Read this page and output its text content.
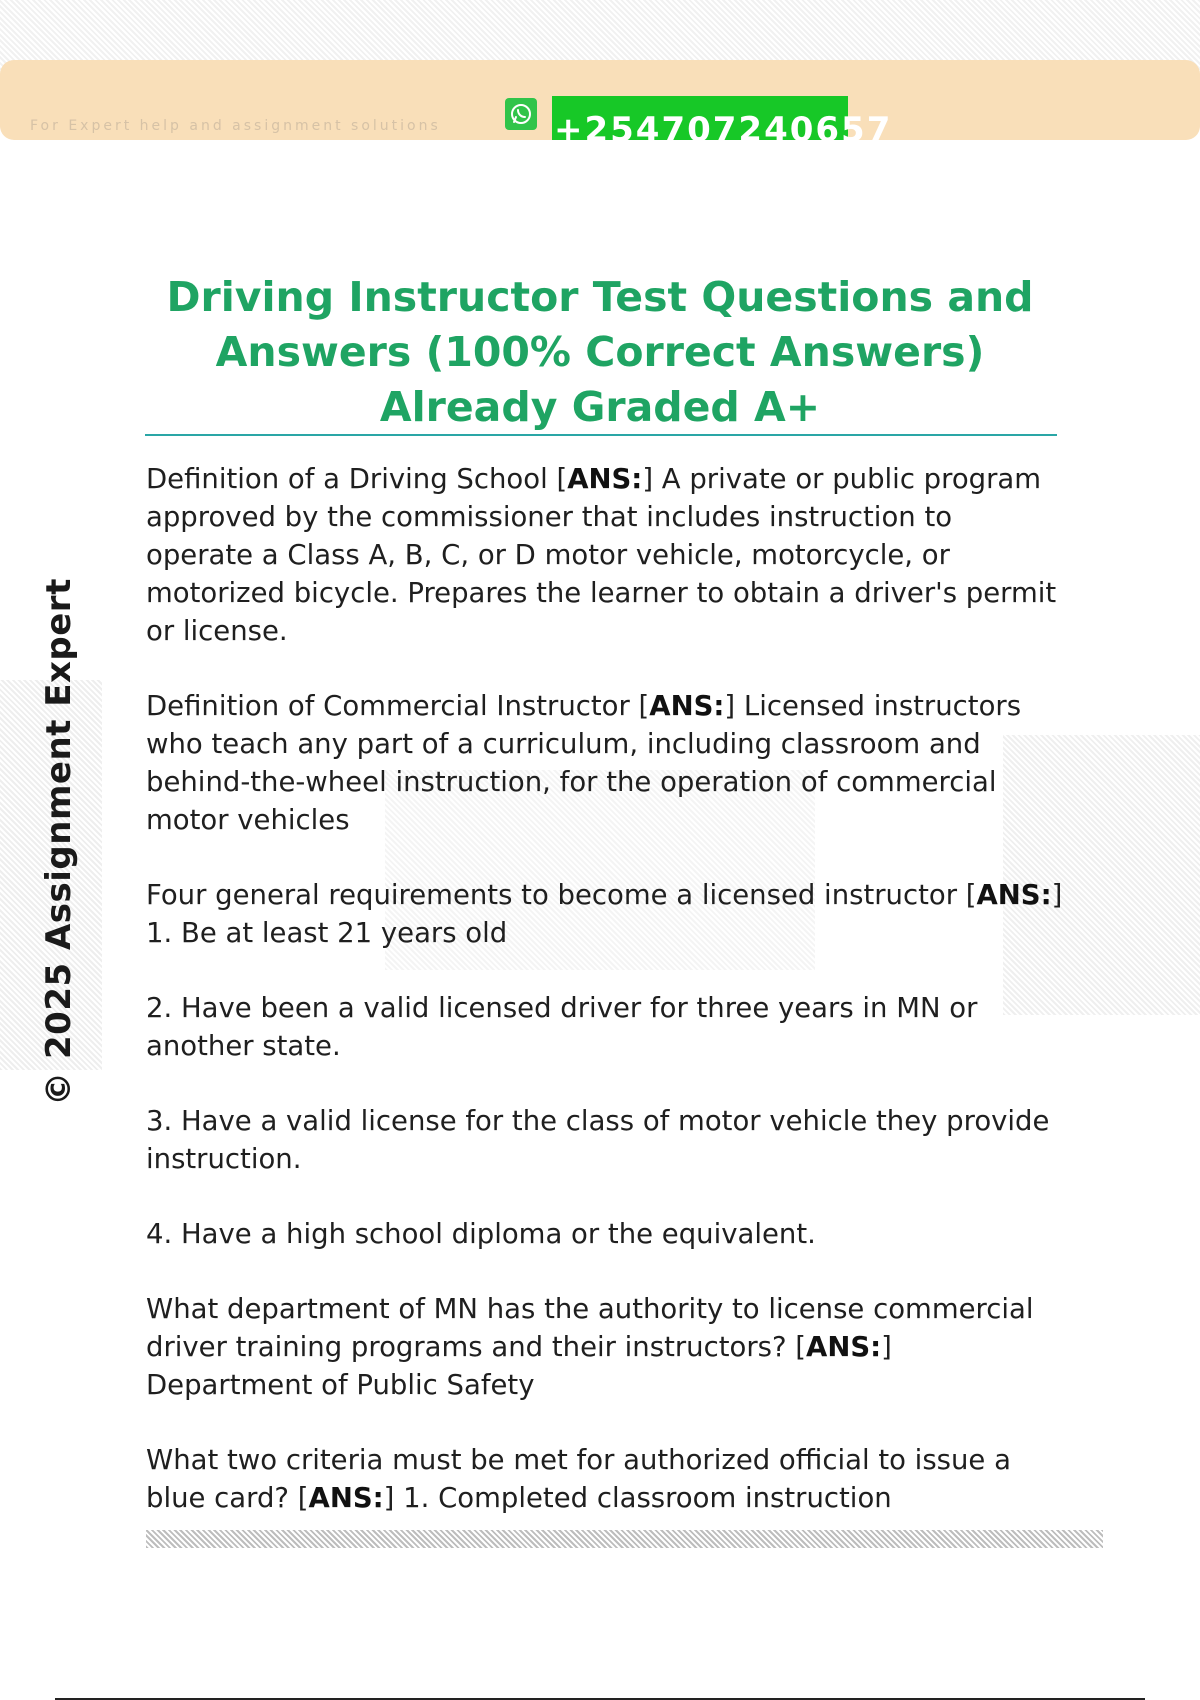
For Expert help and assignment solutions	+254707240657
© 2025 Assignment Expert
Driving Instructor Test Questions and Answers (100% Correct Answers) Already Graded A+

Definition of a Driving School [ANS:] A private or public program approved by the commissioner that includes instruction to operate a Class A, B, C, or D motor vehicle, motorcycle, or motorized bicycle. Prepares the learner to obtain a driver's permit or license.

Definition of Commercial Instructor [ANS:] Licensed instructors who teach any part of a curriculum, including classroom and behind-the-wheel instruction, for the operation of commercial motor vehicles

Four general requirements to become a licensed instructor [ANS:]
1. Be at least 21 years old

2. Have been a valid licensed driver for three years in MN or another state.

3. Have a valid license for the class of motor vehicle they provide instruction.

4. Have a high school diploma or the equivalent.

What department of MN has the authority to license commercial driver training programs and their instructors? [ANS:] Department of Public Safety

What two criteria must be met for authorized official to issue a blue card? [ANS:] 1. Completed classroom instruction
